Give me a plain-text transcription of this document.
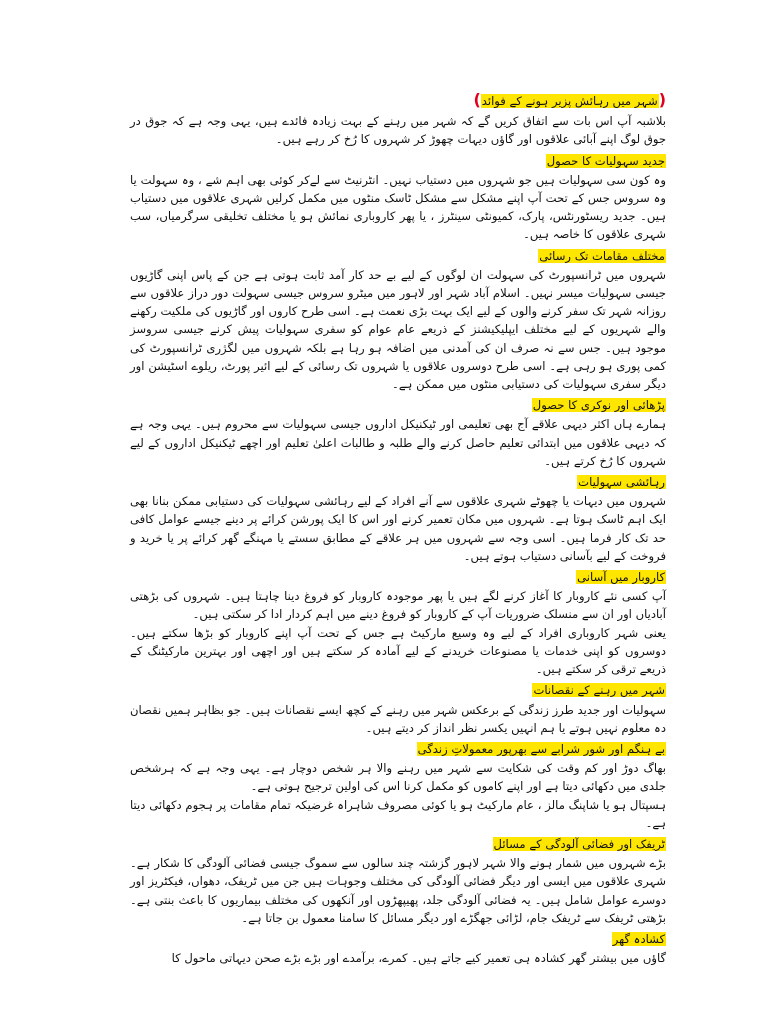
(شہر میں رہائش پزیر ہونے کے فوائد)

بلاشبہ آپ اس بات سے اتفاق کریں گے کہ شہر میں رہنے کے بہت زیادہ فائدے ہیں، یہی وجہ ہے کہ جوق در جوق لوگ اپنے آبائی علاقوں اور گاؤں دیہات چھوڑ کر شہروں کا رُخ کر رہے ہیں۔

جدید سہولیات کا حصول

وہ کون سی سہولیات ہیں جو شہروں میں دستیاب نہیں۔ انٹرنیٹ سے لےکر کوئی بھی اہم شے ، وہ سہولت یا وہ سروس جس کے تحت آپ اپنے مشکل سے مشکل ٹاسک منٹوں میں مکمل کرلیں شہری علاقوں میں دستیاب ہیں۔ جدید ریسٹورنٹس، پارک، کمیونٹی سینٹرز ، یا پھر کاروباری نمائش ہو یا مختلف تخلیقی سرگرمیاں، سب شہری علاقوں کا خاصہ ہیں۔

مختلف مقامات تک رسائی

شہروں میں ٹرانسپورٹ کی سہولت ان لوگوں کے لیے بے حد کار آمد ثابت ہوتی ہے جن کے پاس اپنی گاڑیوں جیسی سہولیات میسر نہیں۔ اسلام آباد شہر اور لاہور میں میٹرو سروس جیسی سہولت دور دراز علاقوں سے روزانہ شہر تک سفر کرنے والوں کے لیے ایک بہت بڑی نعمت ہے۔ اسی طرح کاروں اور گاڑیوں کی ملکیت رکھنے والے شہریوں کے لیے مختلف ایپلیکیشنز کے ذریعے عام عوام کو سفری سہولیات پیش کرنے جیسی سروسز موجود ہیں۔ جس سے نہ صرف ان کی آمدنی میں اضافہ ہو رہا ہے بلکہ شہروں میں لگژری ٹرانسپورٹ کی کمی پوری ہو رہی ہے۔ اسی طرح دوسروں علاقوں یا شہروں تک رسائی کے لیے ائیر پورٹ، ریلوے اسٹیشن اور دیگر سفری سہولیات کی دستیابی منٹوں میں ممکن ہے۔

پڑھائی اور نوکری کا حصول

ہمارے ہاں اکثر دیہی علاقے آج بھی تعلیمی اور ٹیکنیکل اداروں جیسی سہولیات سے محروم ہیں۔ یہی وجہ ہے کہ دیہی علاقوں میں ابتدائی تعلیم حاصل کرنے والے طلبہ و طالبات اعلیٰ تعلیم اور اچھے ٹیکنیکل اداروں کے لیے شہروں کا رُخ کرتے ہیں۔

رہائشی سہولیات

شہروں میں دیہات یا چھوٹے شہری علاقوں سے آنے افراد کے لیے رہائشی سہولیات کی دستیابی ممکن بنانا بھی ایک اہم ٹاسک ہوتا ہے۔ شہروں میں مکان تعمیر کرنے اور اس کا ایک پورشن کرائے پر دینے جیسے عوامل کافی حد تک کار فرما ہیں۔ اسی وجہ سے شہروں میں ہر علاقے کے مطابق سستے یا مہنگے گھر کرائے پر یا خرید و فروخت کے لیے بآسانی دستیاب ہوتے ہیں۔

کاروبار میں آسانی

آپ کسی نئے کاروبار کا آغاز کرنے لگے ہیں یا پھر موجودہ کاروبار کو فروغ دینا چاہتا ہیں۔ شہروں کی بڑھتی آبادیاں اور ان سے منسلک ضروریات آپ کے کاروبار کو فروغ دینے میں اہم کردار ادا کر سکتی ہیں۔

یعنی شہر کاروباری افراد کے لیے وہ وسیع مارکیٹ ہے جس کے تحت آپ اپنے کاروبار کو بڑھا سکتے ہیں۔ دوسروں کو اپنی خدمات یا مصنوعات خریدنے کے لیے آمادہ کر سکتے ہیں اور اچھی اور بہترین مارکیٹنگ کے ذریعے ترقی کر سکتے ہیں۔

شہر میں رہنے کے نقصانات

سہولیات اور جدید طرز زندگی کے برعکس شہر میں رہنے کے کچھ ایسے نقصانات ہیں۔ جو بظاہر ہمیں نقصان دہ معلوم نہیں ہوتے یا ہم انہیں یکسر نظر انداز کر دیتے ہیں۔

بے ہنگم اور شور شرابے سے بھرپور معمولاتِ زندگی

بھاگ دوڑ اور کم وقت کی شکایت سے شہر میں رہنے والا ہر شخص دوچار ہے۔ یہی وجہ ہے کہ ہرشخص جلدی میں دکھائی دیتا ہے اور اپنے کاموں کو مکمل کرنا اس کی اولین ترجیح ہوتی ہے۔

ہسپتال ہو یا شاپنگ مالز ، عام مارکیٹ ہو یا کوئی مصروف شاہراہ غرضیکہ تمام مقامات پر ہجوم دکھائی دیتا ہے۔

ٹریفک اور فضائی آلودگی کے مسائل

بڑے شہروں میں شمار ہونے والا شہر لاہور گزشتہ چند سالوں سے سموگ جیسی فضائی آلودگی کا شکار ہے۔ شہری علاقوں میں ایسی اور دیگر فضائی آلودگی کی مختلف وجوہات ہیں جن میں ٹریفک، دھواں، فیکٹریز اور دوسرے عوامل شامل ہیں۔ یہ فضائی آلودگی جلد، پھیپھڑوں اور آنکھوں کی مختلف بیماریوں کا باعث بنتی ہے۔ بڑھتی ٹریفک سے ٹریفک جام، لڑائی جھگڑے اور دیگر مسائل کا سامنا معمول بن جاتا ہے۔

کشادہ گھر

گاؤں میں بیشتر گھر کشادہ ہی تعمیر کیے جاتے ہیں۔ کمرے، برآمدے اور بڑے بڑے صحن دیہاتی ماحول کا
